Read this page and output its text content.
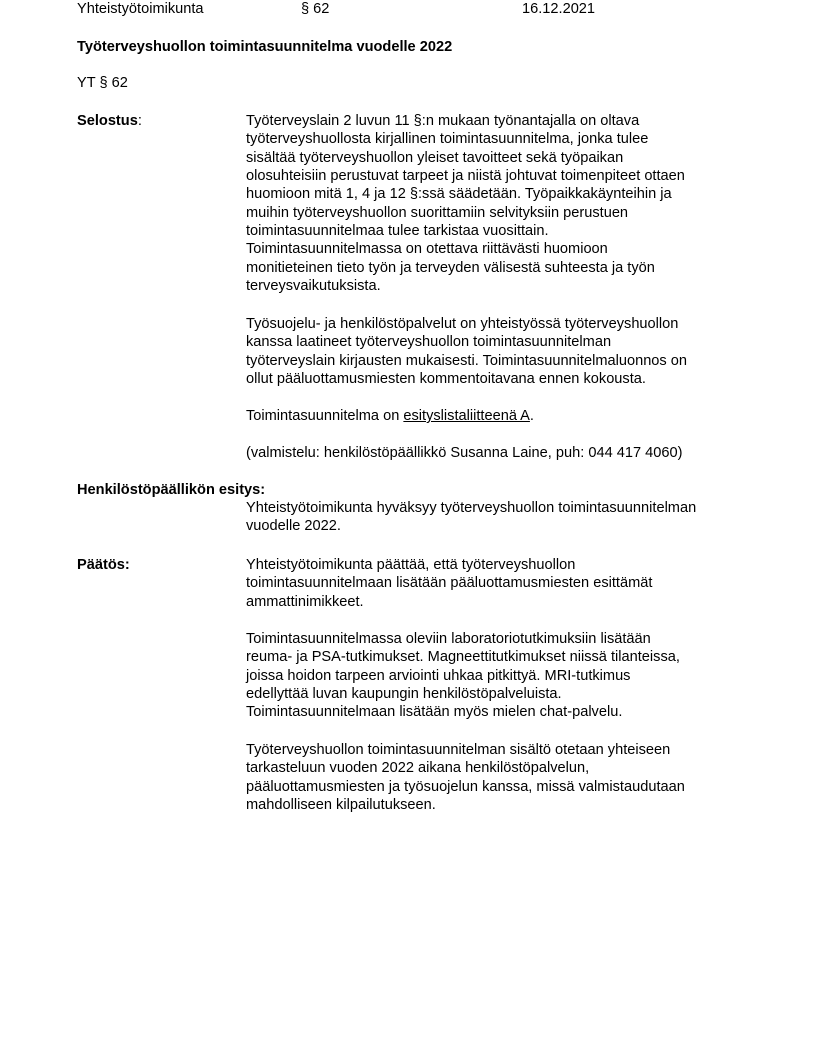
Yhteistyötoimikunta	§ 62	16.12.2021
Työterveyshuollon toimintasuunnitelma vuodelle 2022
YT § 62
Selostus:	Työterveyslain 2 luvun 11 §:n mukaan työnantajalla on oltava
työterveyshuollosta kirjallinen toimintasuunnitelma, jonka tulee
sisältää työterveyshuollon yleiset tavoitteet sekä työpaikan
olosuhteisiin perustuvat tarpeet ja niistä johtuvat toimenpiteet ottaen
huomioon mitä 1, 4 ja 12 §:ssä säädetään. Työpaikkakäynteihin ja
muihin työterveyshuollon suorittamiin selvityksiin perustuen
toimintasuunnitelmaa tulee tarkistaa vuosittain.
Toimintasuunnitelmassa on otettava riittävästi huomioon
monitieteinen tieto työn ja terveyden välisestä suhteesta ja työn
terveysvaikutuksista.
Työsuojelu- ja henkilöstöpalvelut on yhteistyössä työterveyshuollon
kanssa laatineet työterveyshuollon toimintasuunnitelman
työterveyslain kirjausten mukaisesti. Toimintasuunnitelmaluonnos on
ollut pääluottamusmiesten kommentoitavana ennen kokousta.
Toimintasuunnitelma on esityslistaliitteenä A.
(valmistelu: henkilöstöpäällikkö Susanna Laine, puh: 044 417 4060)
Henkilöstöpäällikön esitys:
Yhteistyötoimikunta hyväksyy työterveyshuollon toimintasuunnitelman
vuodelle 2022.
Päätös:	Yhteistyötoimikunta päättää, että työterveyshuollon
toimintasuunnitelmaan lisätään pääluottamusmiesten esittämät
ammattinimikkeet.
Toimintasuunnitelmassa oleviin laboratoriotutkimuksiin lisätään
reuma- ja PSA-tutkimukset. Magneettitutkimukset niissä tilanteissa,
joissa hoidon tarpeen arviointi uhkaa pitkittyä. MRI-tutkimus
edellyttää luvan kaupungin henkilöstöpalveluista.
Toimintasuunnitelmaan lisätään myös mielen chat-palvelu.
Työterveyshuollon toimintasuunnitelman sisältö otetaan yhteiseen
tarkasteluun vuoden 2022 aikana henkilöstöpalvelun,
pääluottamusmiesten ja työsuojelun kanssa, missä valmistaudutaan
mahdolliseen kilpailutukseen.
